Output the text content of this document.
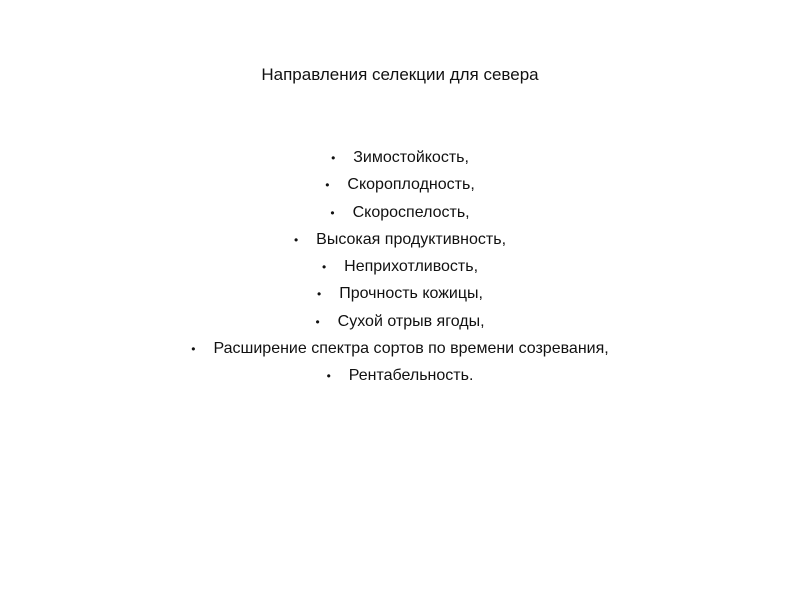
Направления селекции для севера
• Зимостойкость,
• Скороплодность,
• Скороспелость,
• Высокая продуктивность,
• Неприхотливость,
• Прочность кожицы,
• Сухой отрыв ягоды,
• Расширение спектра сортов по времени созревания,
• Рентабельность.
